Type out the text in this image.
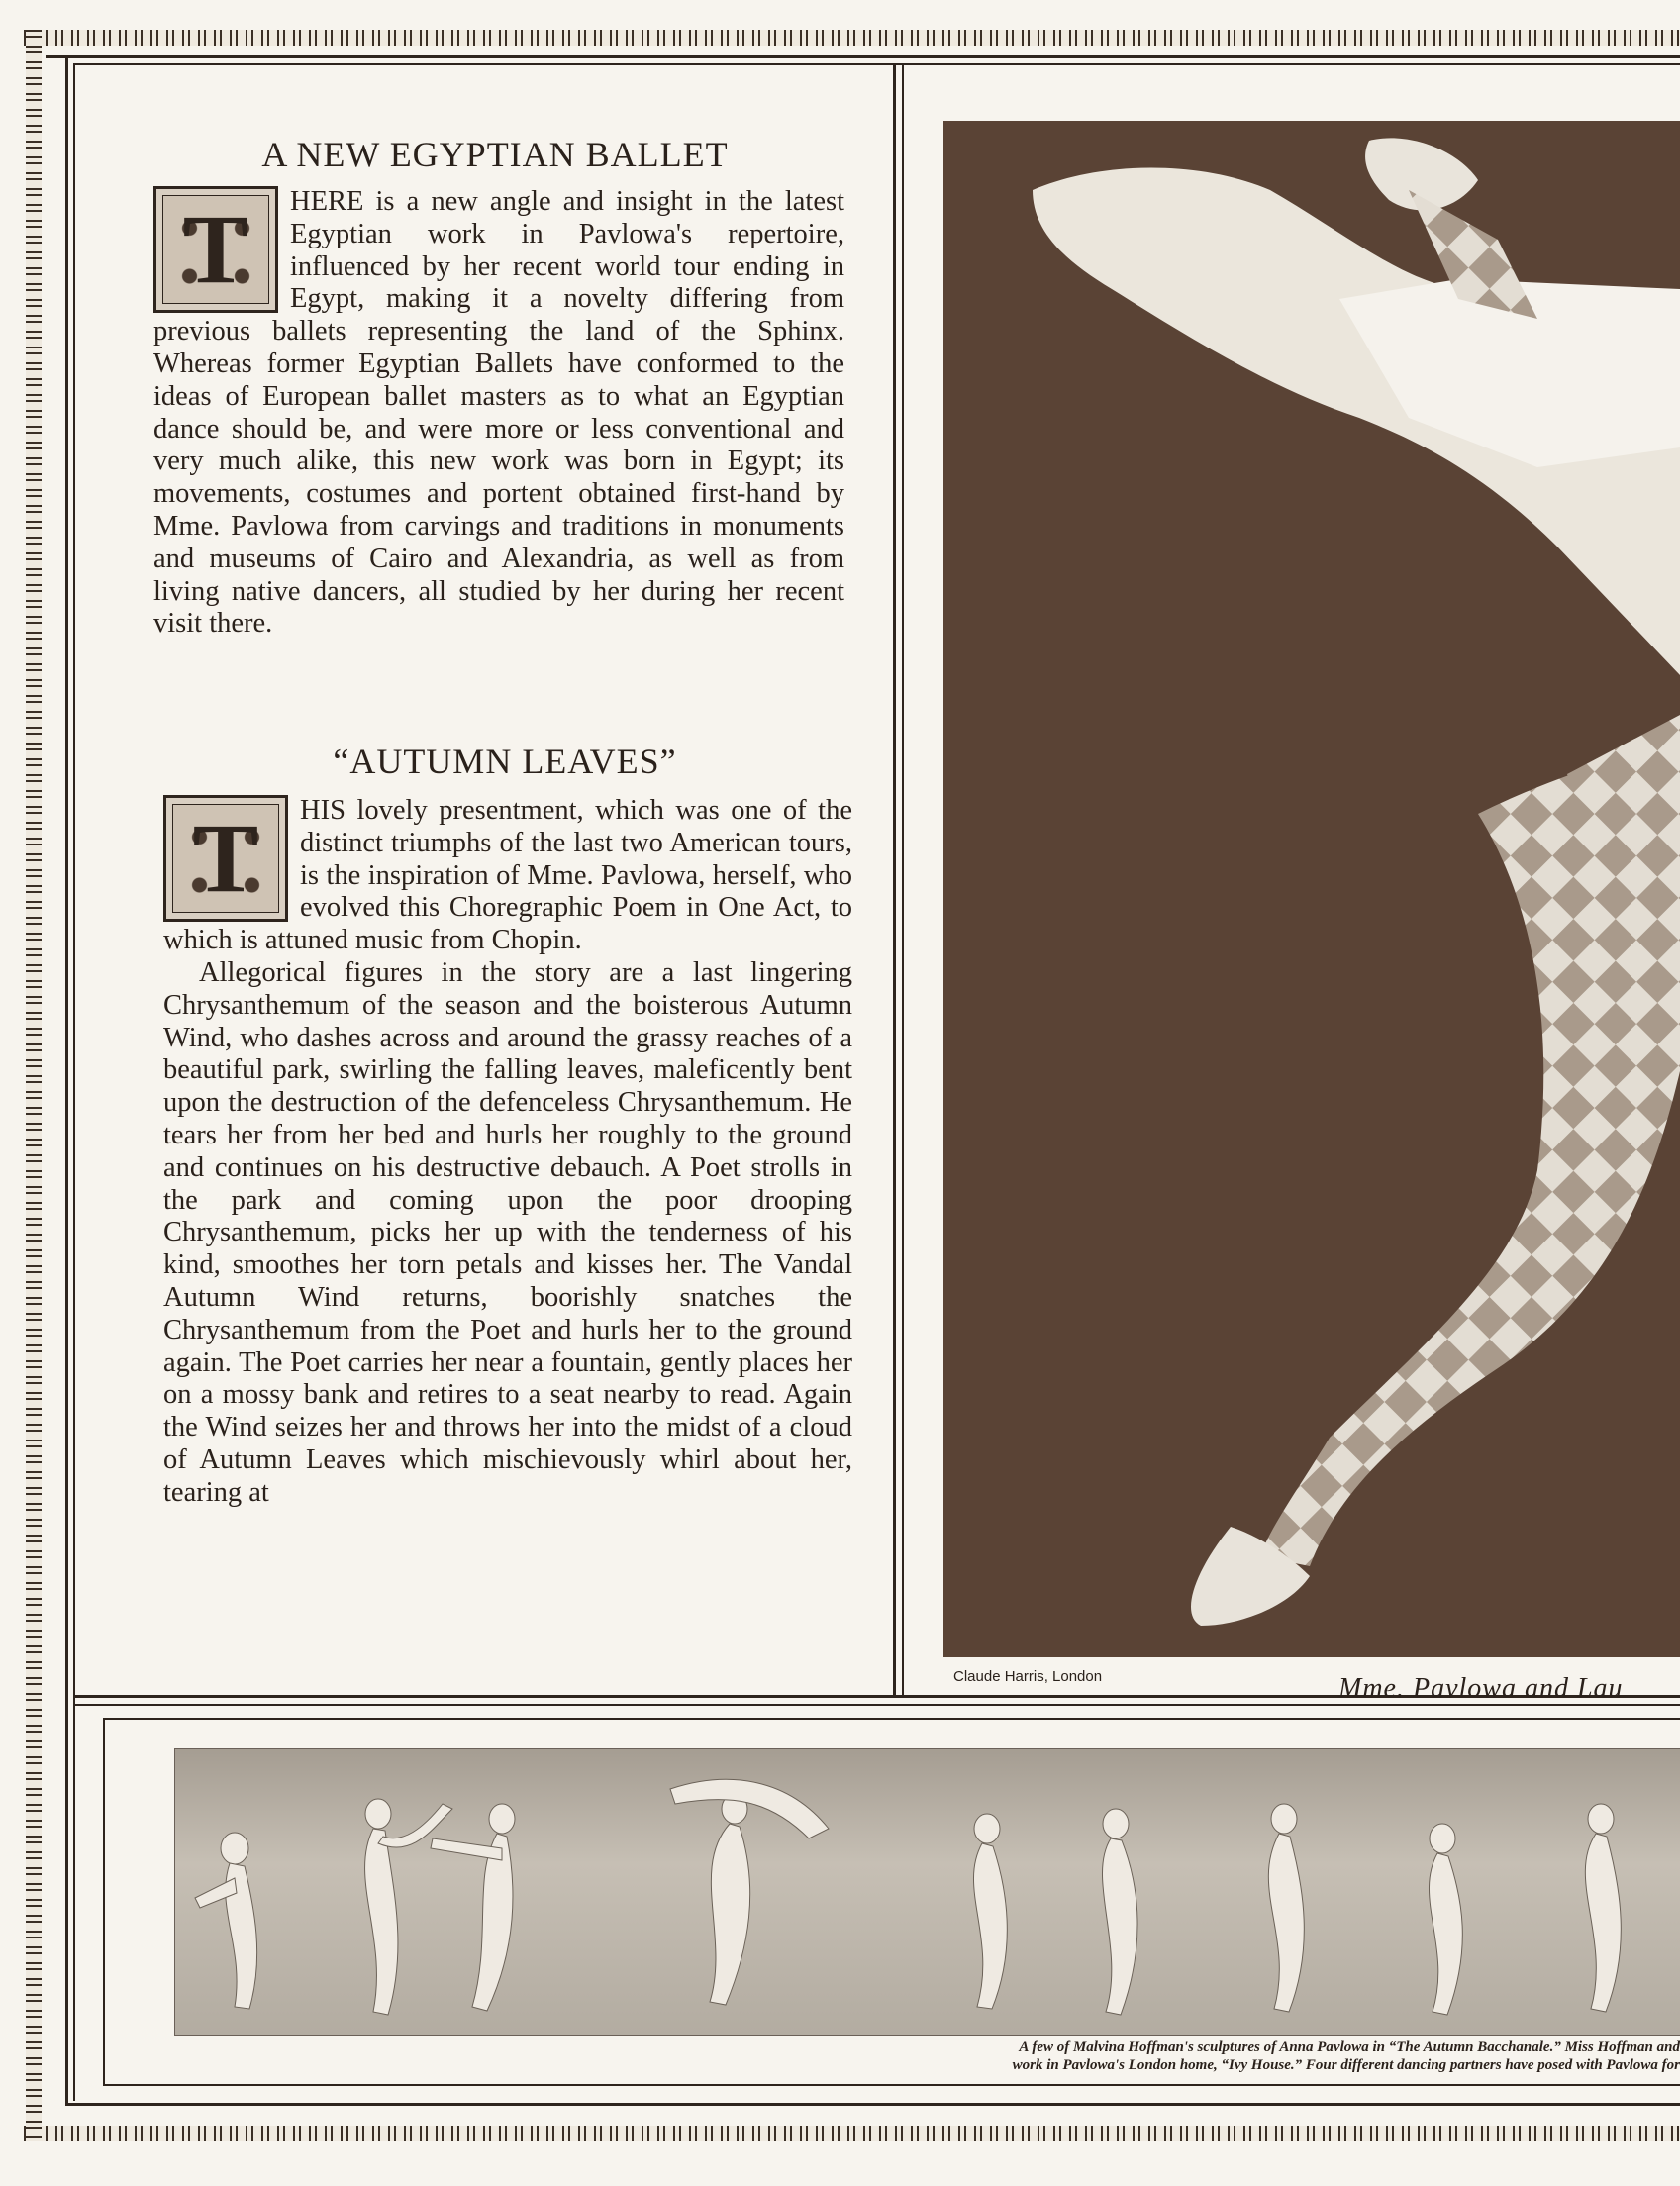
A NEW EGYPTIAN BALLET
T	HERE is a new angle and insight in the latest Egyptian work in Pavlowa's repertoire, influenced by her recent world tour ending in Egypt, making it a novelty differing from previous ballets representing the land of the Sphinx. Whereas former Egyptian Ballets have conformed to the ideas of European ballet masters as to what an Egyptian dance should be, and were more or less conventional and very much alike, this new work was born in Egypt; its movements, costumes and portent obtained first-hand by Mme. Pavlowa from carvings and traditions in monuments and museums of Cairo and Alexandria, as well as from living native dancers, all studied by her during her recent visit there.

“AUTUMN LEAVES”
T	HIS lovely presentment, which was one of the distinct triumphs of the last two American tours, is the inspiration of Mme. Pavlowa, herself, who evolved this Choregraphic Poem in One Act, to which is attuned music from Chopin.

Allegorical figures in the story are a last lingering Chrysanthemum of the season and the boisterous Autumn Wind, who dashes across and around the grassy reaches of a beautiful park, swirling the falling leaves, maleficently bent upon the destruction of the defenceless Chrysanthemum. He tears her from her bed and hurls her roughly to the ground and continues on his destructive debauch. A Poet strolls in the park and coming upon the poor drooping Chrysanthemum, picks her up with the tenderness of his kind, smoothes her torn petals and kisses her. The Vandal Autumn Wind returns, boorishly snatches the Chrysanthemum from the Poet and hurls her to the ground again. The Poet carries her near a fountain, gently places her on a mossy bank and retires to a seat nearby to read. Again the Wind seizes her and throws her into the midst of a cloud of Autumn Leaves which mischievously whirl about her, tearing at

Claude Harris, London	Mme. Pavlowa and Lau
A few of Malvina Hoffman's sculptures of Anna Pavlowa in “The Autumn Bacchanale.” Miss Hoffman and
work in Pavlowa's London home, “Ivy House.” Four different dancing partners have posed with Pavlowa for
